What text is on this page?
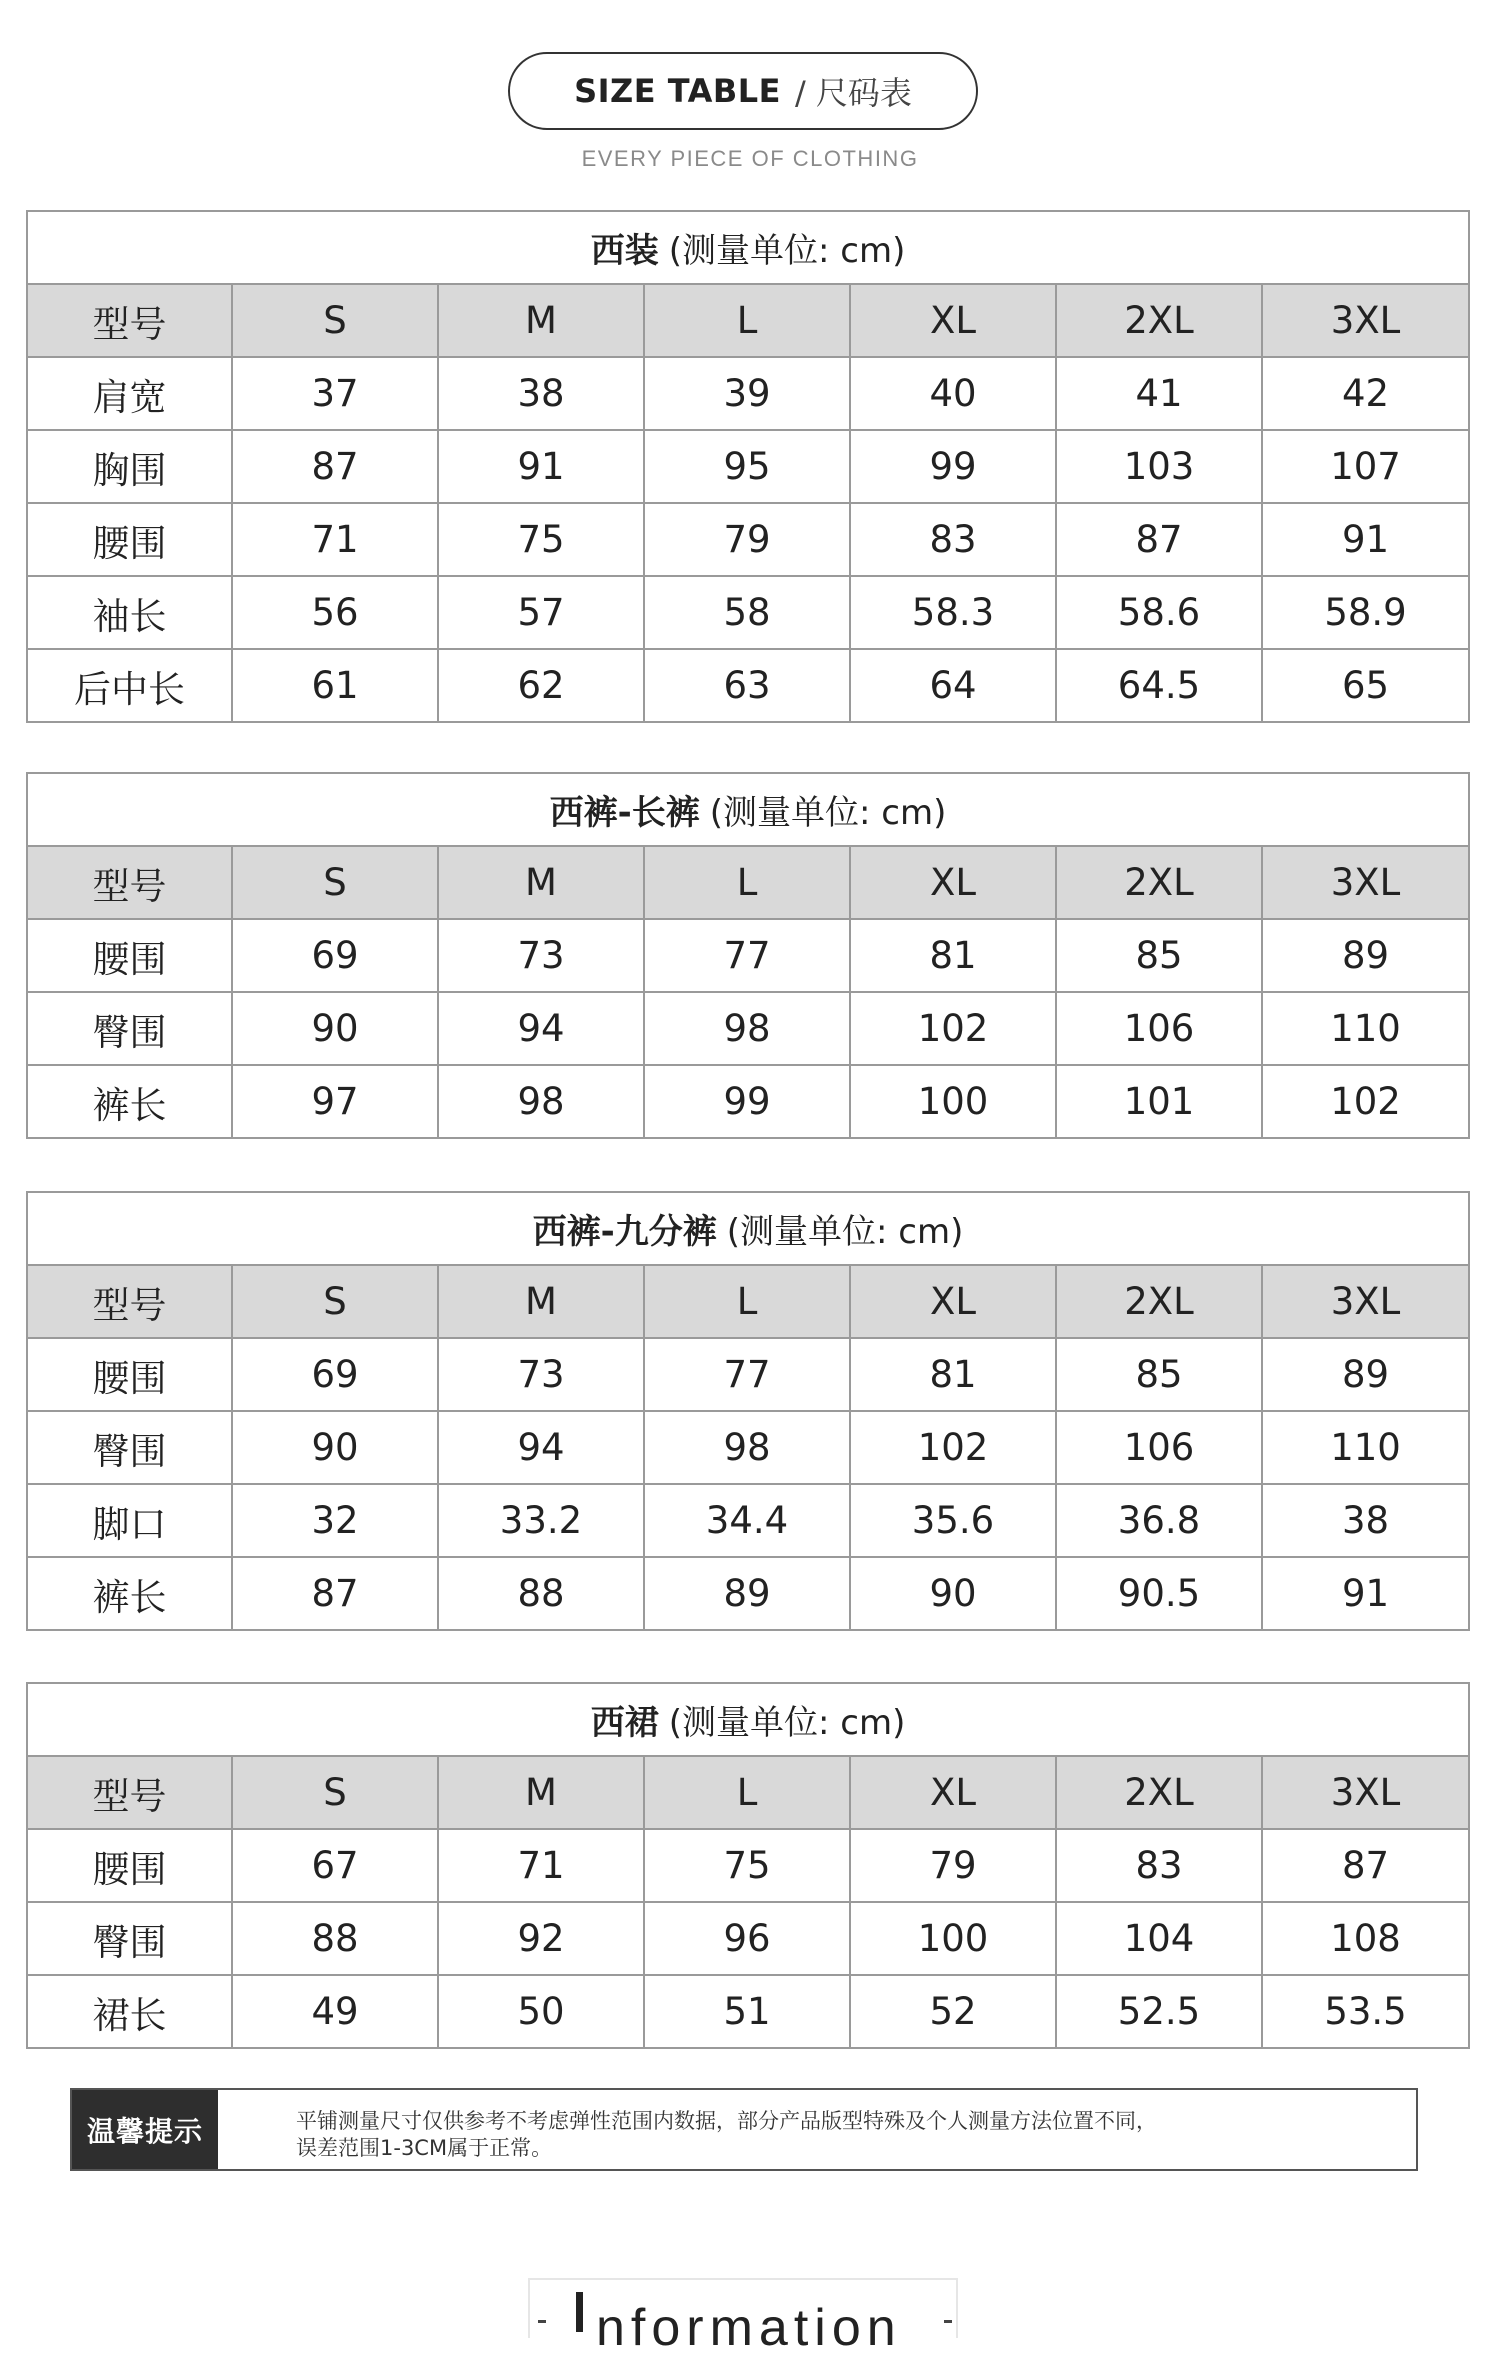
SIZE TABLE / 尺码表
EVERY PIECE OF CLOTHING
西装 (测量单位: cm)						
型号	S	M	L	XL	2XL	3XL
肩宽	37	38	39	40	41	42
胸围	87	91	95	99	103	107
腰围	71	75	79	83	87	91
袖长	56	57	58	58.3	58.6	58.9
后中长	61	62	63	64	64.5	65
西裤-长裤 (测量单位: cm)						
型号	S	M	L	XL	2XL	3XL
腰围	69	73	77	81	85	89
臀围	90	94	98	102	106	110
裤长	97	98	99	100	101	102
西裤-九分裤 (测量单位: cm)						
型号	S	M	L	XL	2XL	3XL
腰围	69	73	77	81	85	89
臀围	90	94	98	102	106	110
脚口	32	33.2	34.4	35.6	36.8	38
裤长	87	88	89	90	90.5	91
西裙 (测量单位: cm)						
型号	S	M	L	XL	2XL	3XL
腰围	67	71	75	79	83	87
臀围	88	92	96	100	104	108
裙长	49	50	51	52	52.5	53.5
温馨提示	平铺测量尺寸仅供参考不考虑弹性范围内数据，部分产品版型特殊及个人测量方法位置不同，
误差范围1-3CM属于正常。
nformation
